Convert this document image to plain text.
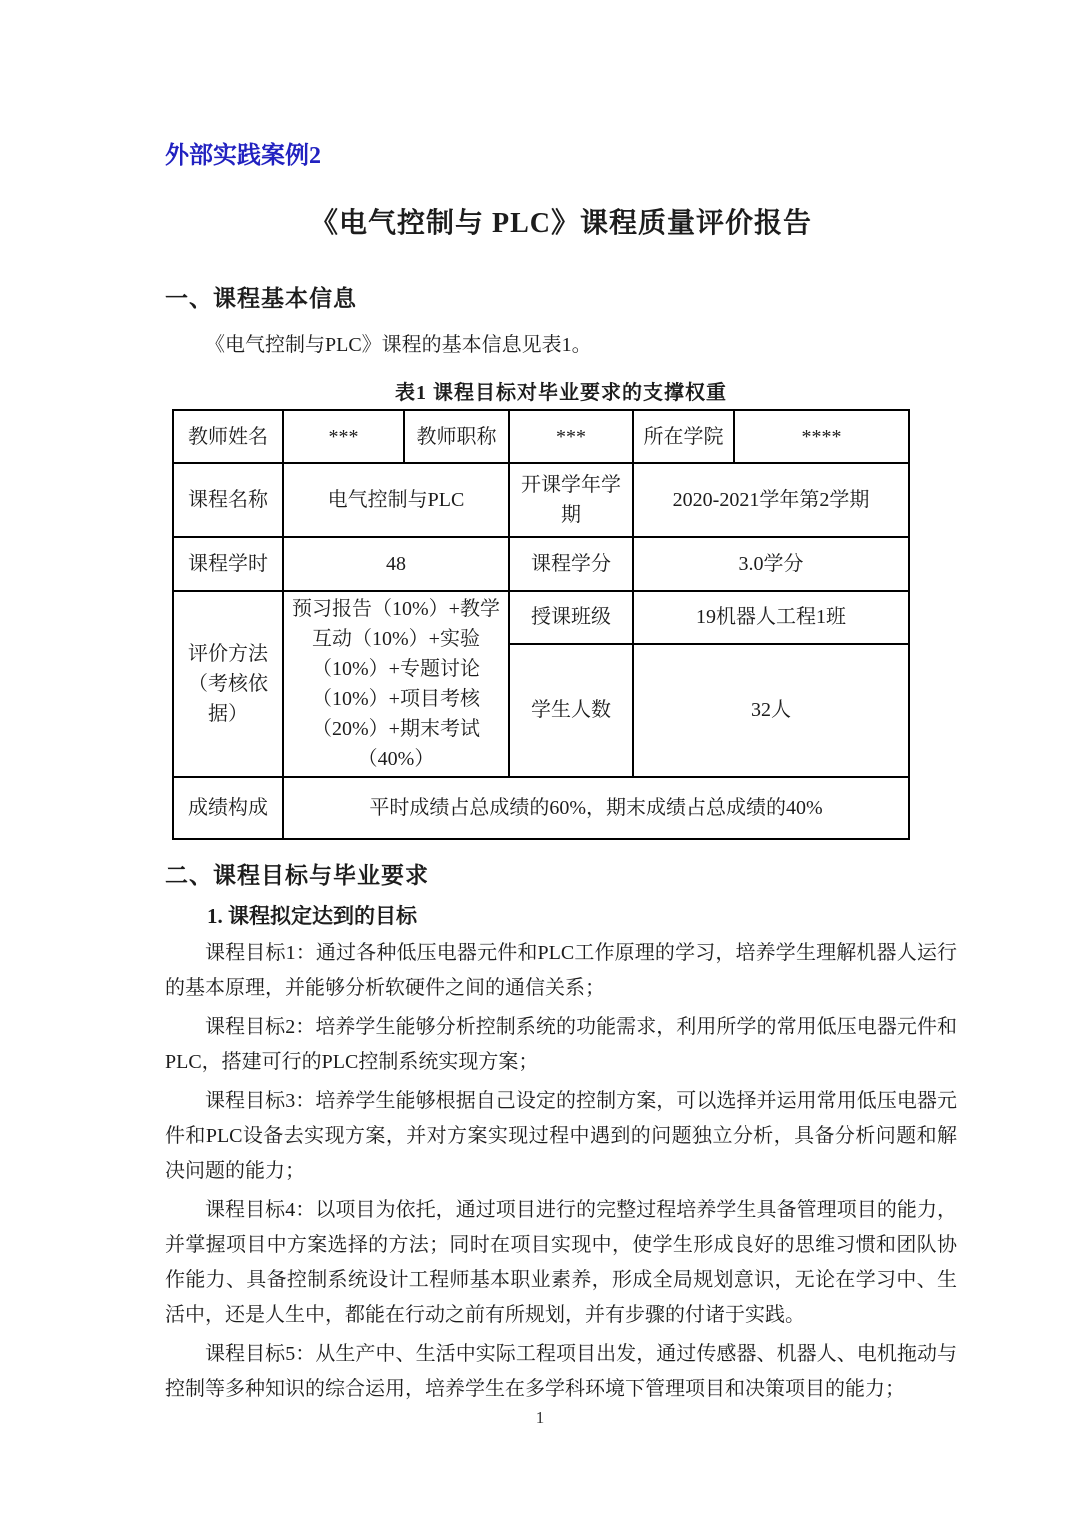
外部实践案例2
《电气控制与 PLC》课程质量评价报告
一、课程基本信息

《电气控制与PLC》课程的基本信息见表1。

表1 课程目标对毕业要求的支撑权重
教师姓名	***	教师职称	***	所在学院	****
课程名称	电气控制与PLC		开课学年学期	2020-2021学年第2学期	
课程学时	48		课程学分	3.0学分	
评价方法（考核依据）	预习报告（10%）+教学互动（10%）+实验（10%）+专题讨论（10%）+项目考核（20%）+期末考试（40%）		授课班级	19机器人工程1班	
			学生人数	32人	
成绩构成	平时成绩占总成绩的60%，期末成绩占总成绩的40%				
二、课程目标与毕业要求
1. 课程拟定达到的目标

课程目标1：通过各种低压电器元件和PLC工作原理的学习，培养学生理解机器人运行的基本原理，并能够分析软硬件之间的通信关系；

课程目标2：培养学生能够分析控制系统的功能需求，利用所学的常用低压电器元件和PLC，搭建可行的PLC控制系统实现方案；

课程目标3：培养学生能够根据自己设定的控制方案，可以选择并运用常用低压电器元件和PLC设备去实现方案，并对方案实现过程中遇到的问题独立分析，具备分析问题和解决问题的能力；

课程目标4：以项目为依托，通过项目进行的完整过程培养学生具备管理项目的能力，并掌握项目中方案选择的方法；同时在项目实现中，使学生形成良好的思维习惯和团队协作能力、具备控制系统设计工程师基本职业素养，形成全局规划意识，无论在学习中、生活中，还是人生中，都能在行动之前有所规划，并有步骤的付诸于实践。

课程目标5：从生产中、生活中实际工程项目出发，通过传感器、机器人、电机拖动与控制等多种知识的综合运用，培养学生在多学科环境下管理项目和决策项目的能力；

1
